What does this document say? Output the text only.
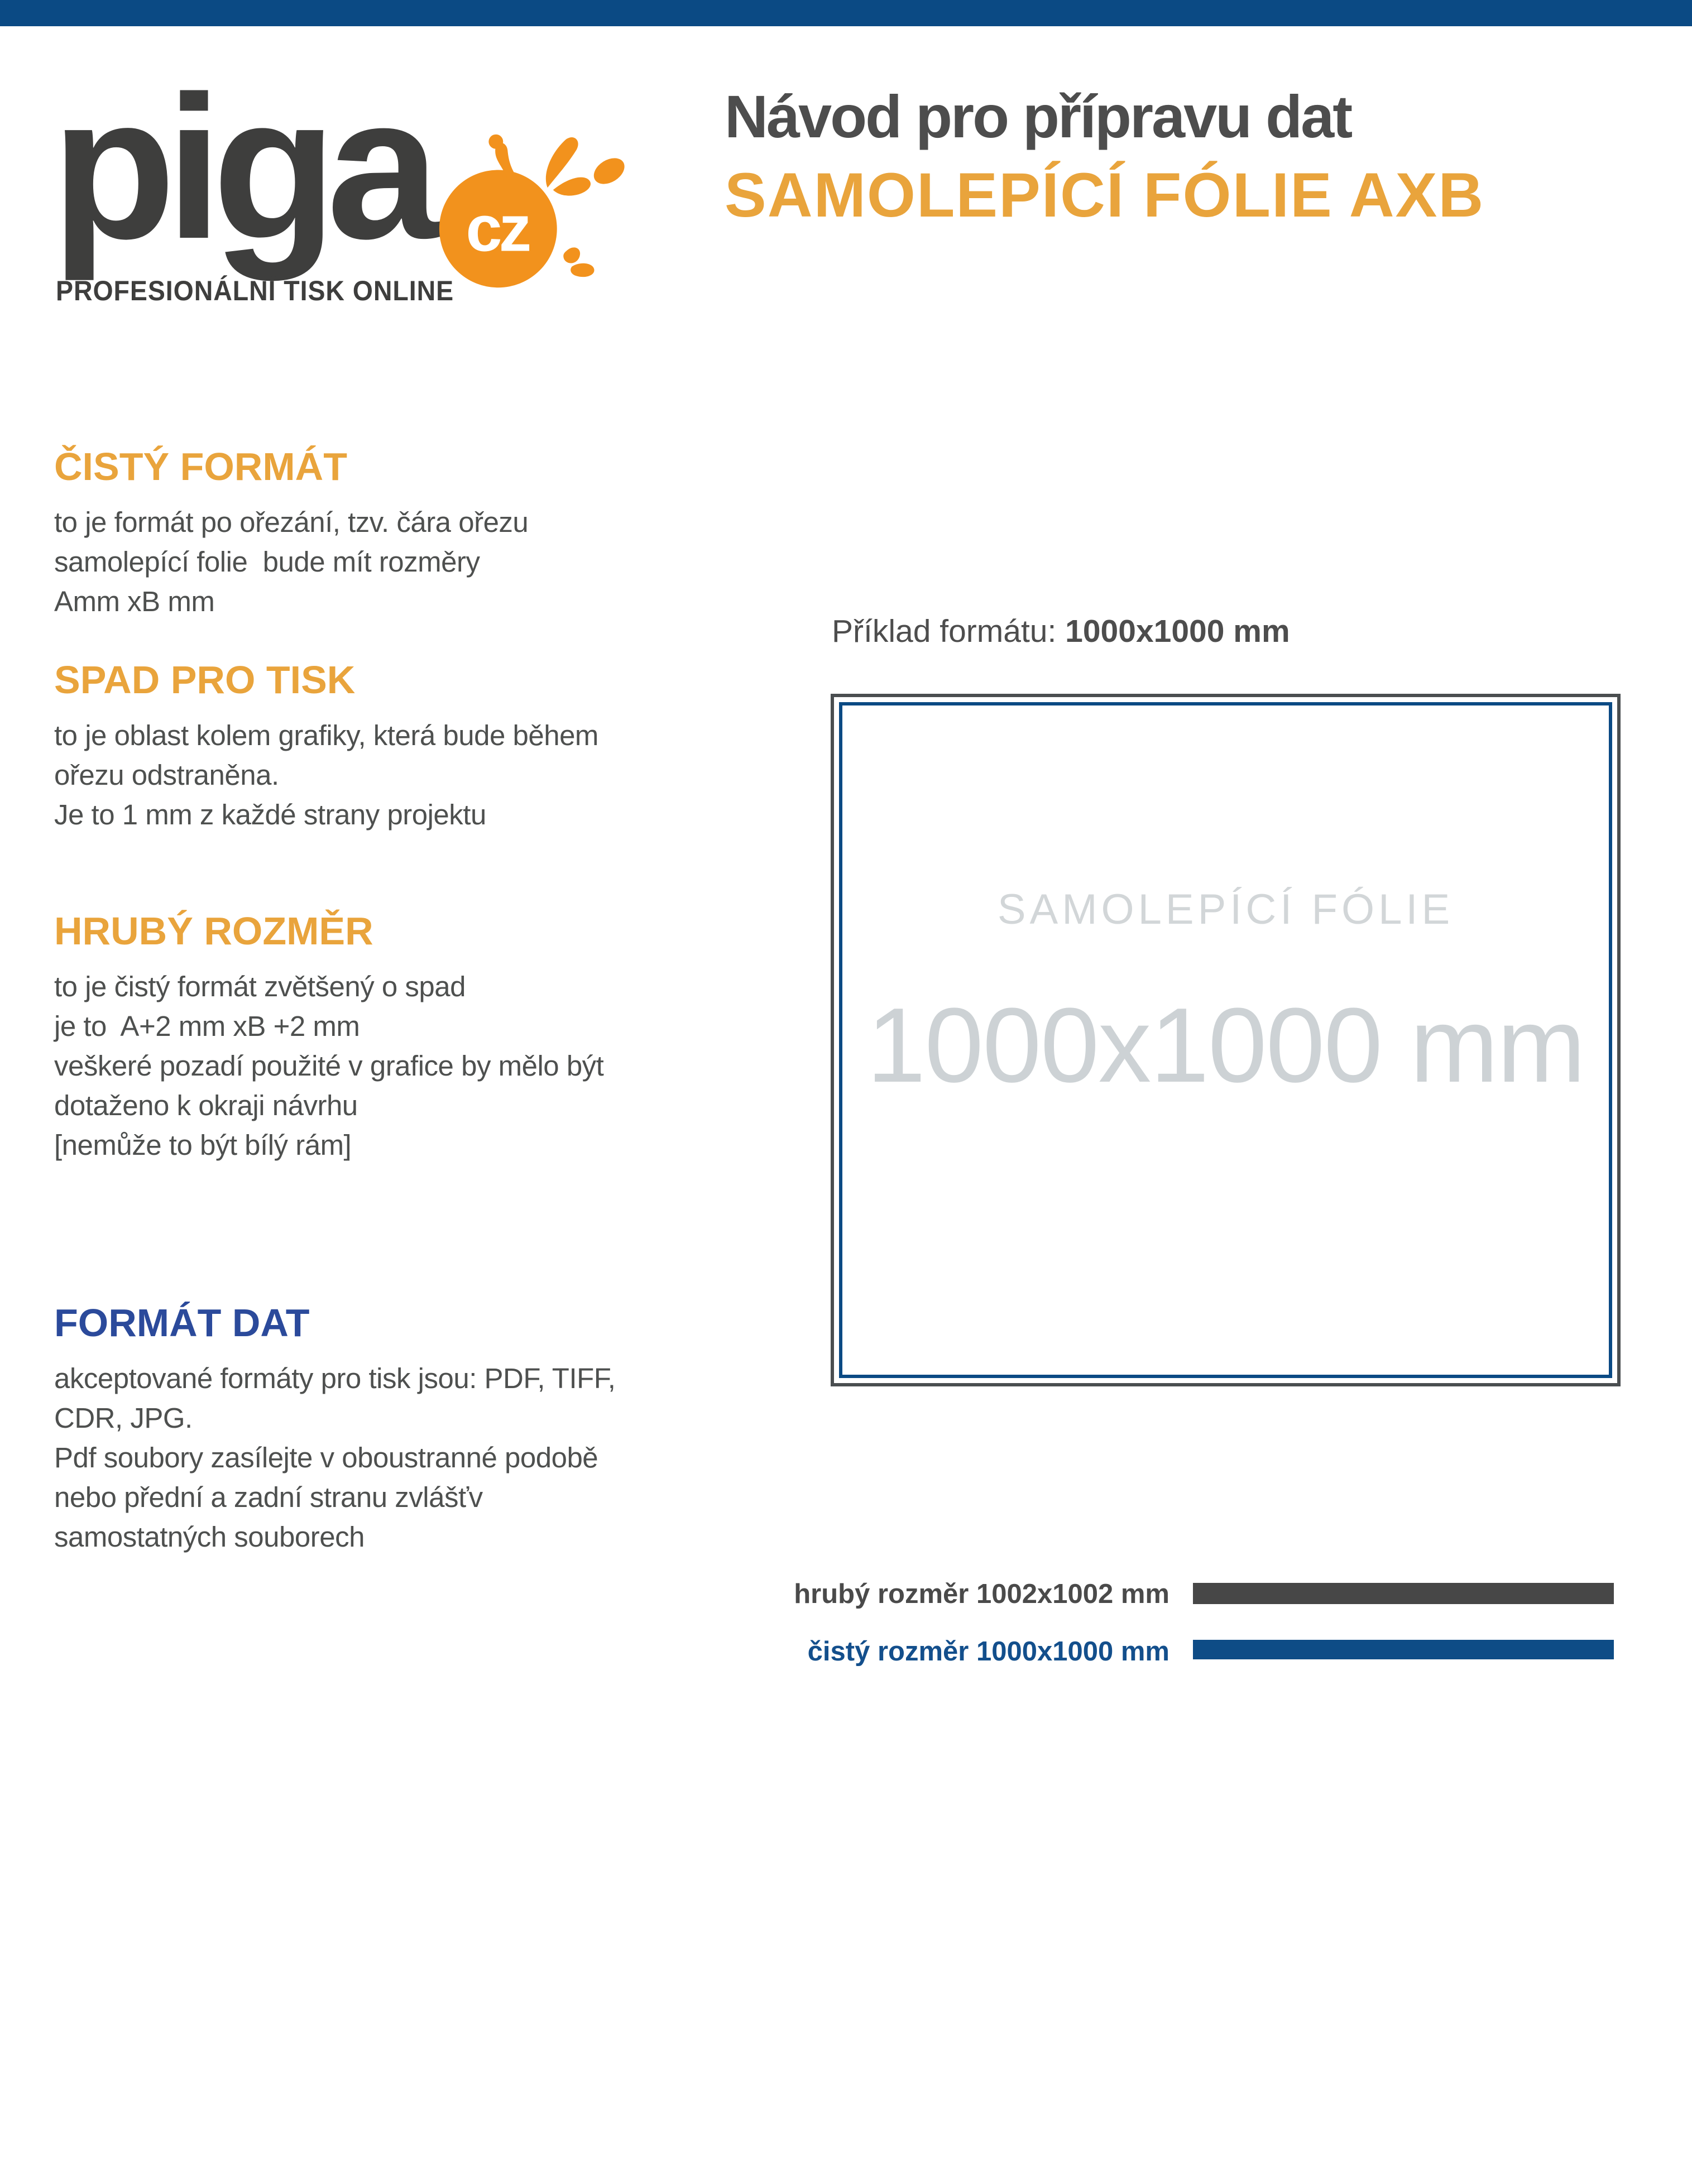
piga cz
PROFESIONÁLNÍ TISK ONLINE
Návod pro přípravu dat
SAMOLEPÍCÍ FÓLIE AXB
ČISTÝ FORMÁT
to je formát po ořezání, tzv. čára ořezu
samolepící folie  bude mít rozměry
Amm xB mm
SPAD PRO TISK
to je oblast kolem grafiky, která bude během
ořezu odstraněna.
Je to 1 mm z každé strany projektu
HRUBÝ ROZMĚR
to je čistý formát zvětšený o spad
je to  A+2 mm xB +2 mm
veškeré pozadí použité v grafice by mělo být
dotaženo k okraji návrhu
[nemůže to být bílý rám]
FORMÁT DAT
akceptované formáty pro tisk jsou: PDF, TIFF,
CDR, JPG.
Pdf soubory zasílejte v oboustranné podobě
nebo přední a zadní stranu zvlášťv
samostatných souborech
Příklad formátu: 1000x1000 mm
SAMOLEPÍCÍ FÓLIE
1000x1000 mm
hrubý rozměr 1002x1002 mm
čistý rozměr 1000x1000 mm
